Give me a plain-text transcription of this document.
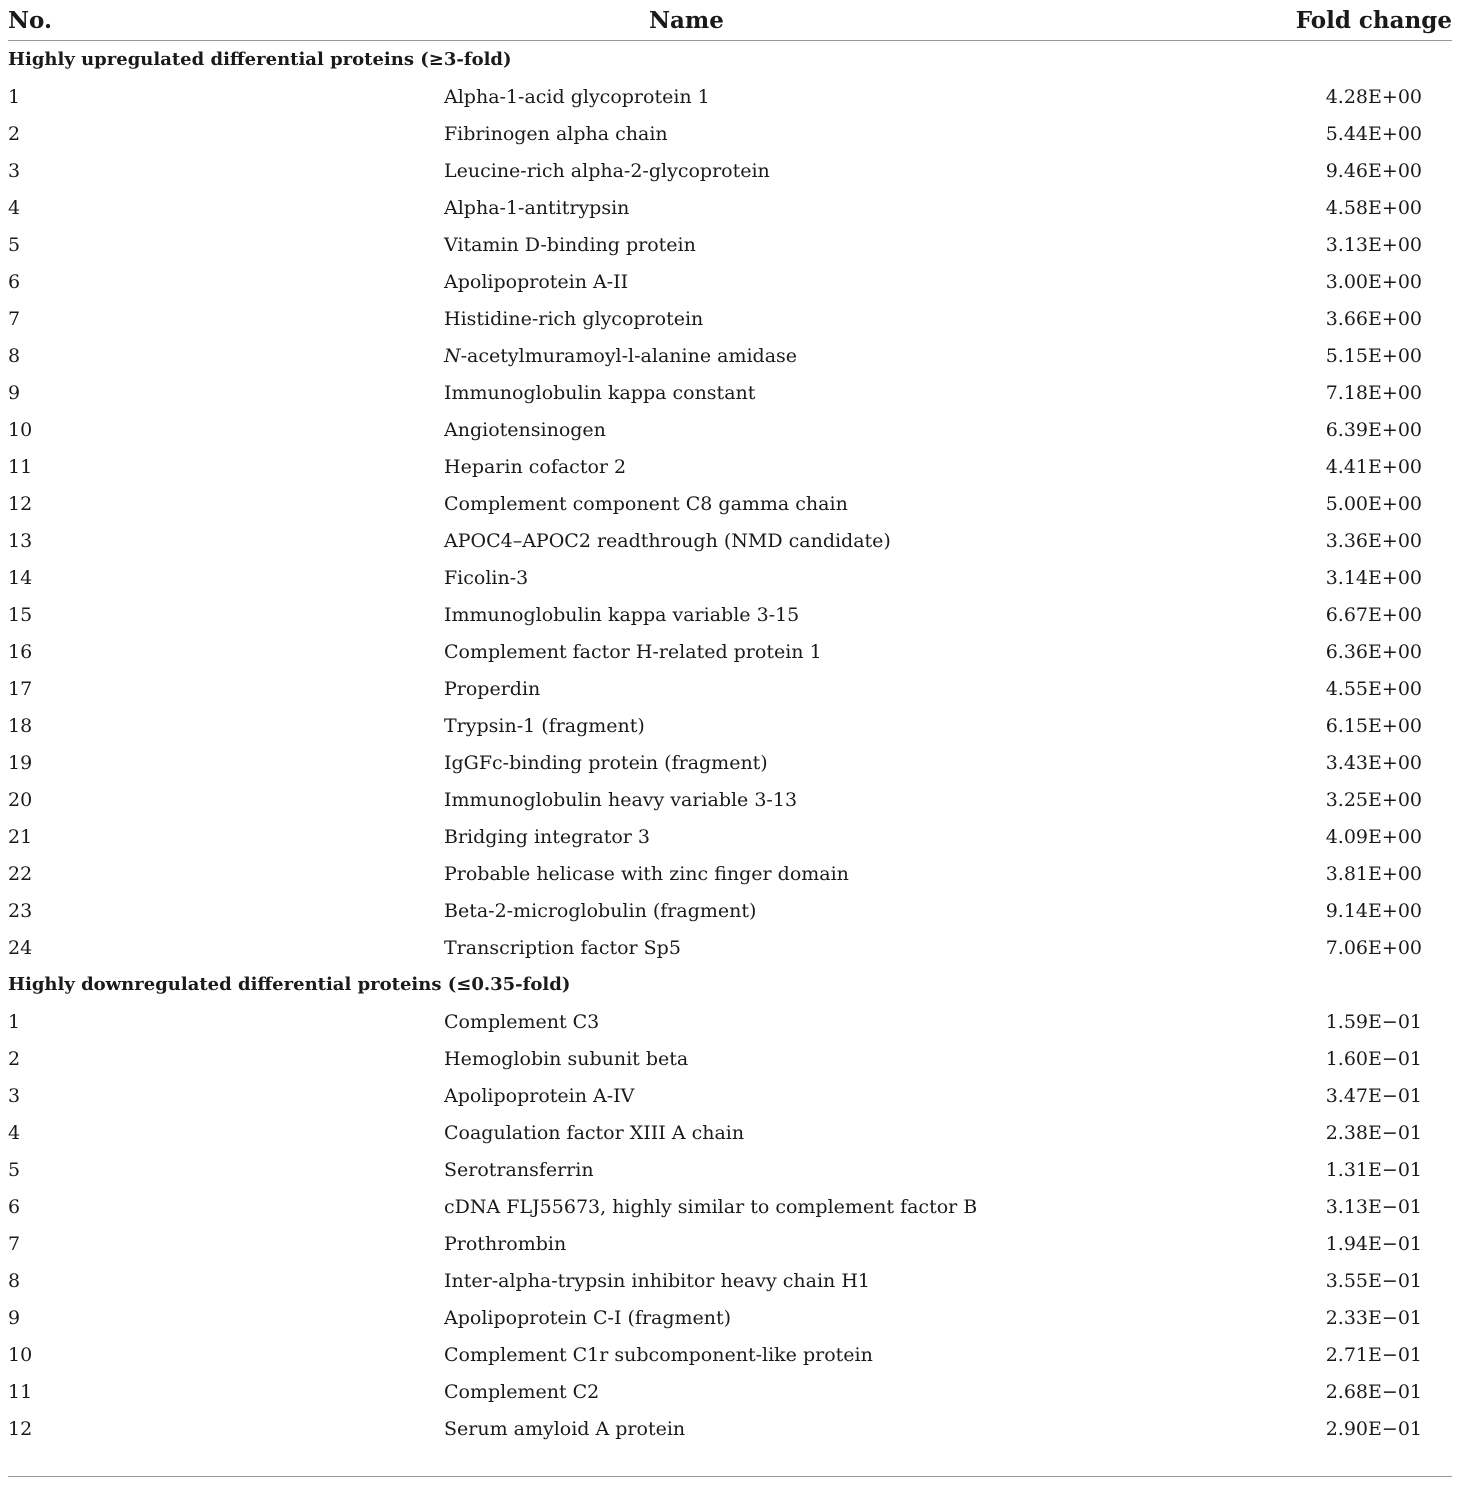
No.	Name	Fold change
Highly upregulated differential proteins (≥3-fold)		
1	Alpha-1-acid glycoprotein 1	4.28E+00
2	Fibrinogen alpha chain	5.44E+00
3	Leucine-rich alpha-2-glycoprotein	9.46E+00
4	Alpha-1-antitrypsin	4.58E+00
5	Vitamin D-binding protein	3.13E+00
6	Apolipoprotein A-II	3.00E+00
7	Histidine-rich glycoprotein	3.66E+00
8	N-acetylmuramoyl-l-alanine amidase	5.15E+00
9	Immunoglobulin kappa constant	7.18E+00
10	Angiotensinogen	6.39E+00
11	Heparin cofactor 2	4.41E+00
12	Complement component C8 gamma chain	5.00E+00
13	APOC4–APOC2 readthrough (NMD candidate)	3.36E+00
14	Ficolin-3	3.14E+00
15	Immunoglobulin kappa variable 3-15	6.67E+00
16	Complement factor H-related protein 1	6.36E+00
17	Properdin	4.55E+00
18	Trypsin-1 (fragment)	6.15E+00
19	IgGFc-binding protein (fragment)	3.43E+00
20	Immunoglobulin heavy variable 3-13	3.25E+00
21	Bridging integrator 3	4.09E+00
22	Probable helicase with zinc finger domain	3.81E+00
23	Beta-2-microglobulin (fragment)	9.14E+00
24	Transcription factor Sp5	7.06E+00
Highly downregulated differential proteins (≤0.35-fold)		
1	Complement C3	1.59E−01
2	Hemoglobin subunit beta	1.60E−01
3	Apolipoprotein A-IV	3.47E−01
4	Coagulation factor XIII A chain	2.38E−01
5	Serotransferrin	1.31E−01
6	cDNA FLJ55673, highly similar to complement factor B	3.13E−01
7	Prothrombin	1.94E−01
8	Inter-alpha-trypsin inhibitor heavy chain H1	3.55E−01
9	Apolipoprotein C-I (fragment)	2.33E−01
10	Complement C1r subcomponent-like protein	2.71E−01
11	Complement C2	2.68E−01
12	Serum amyloid A protein	2.90E−01
